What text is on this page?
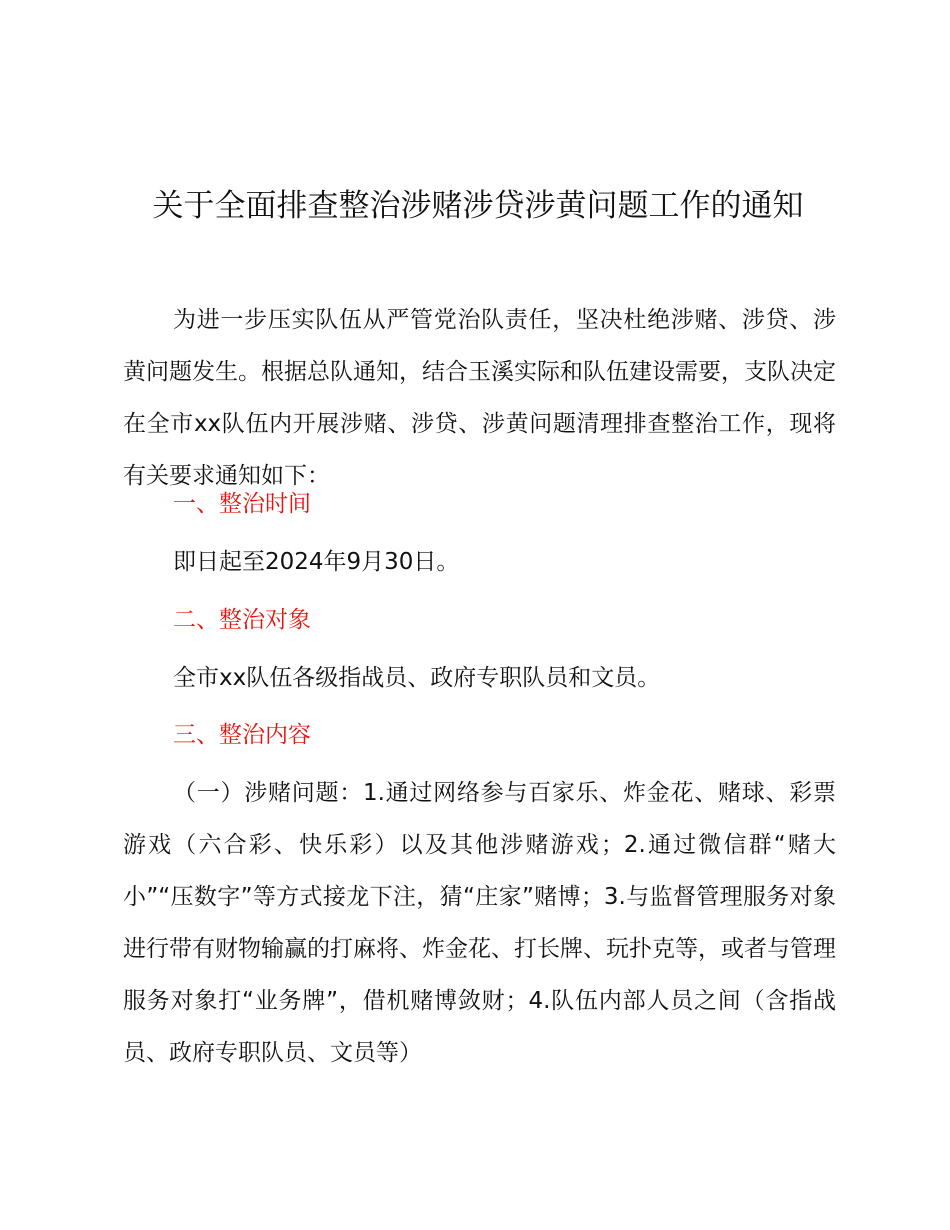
关于全面排查整治涉赌涉贷涉黄问题工作的通知

为进一步压实队伍从严管党治队责任，坚决杜绝涉赌、涉贷、涉黄问题发生。根据总队通知，结合玉溪实际和队伍建设需要，支队决定在全市xx队伍内开展涉赌、涉贷、涉黄问题清理排查整治工作，现将有关要求通知如下：

一、整治时间

即日起至2024年9月30日。

二、整治对象

全市xx队伍各级指战员、政府专职队员和文员。

三、整治内容

（一）涉赌问题：1.通过网络参与百家乐、炸金花、赌球、彩票游戏（六合彩、快乐彩）以及其他涉赌游戏；2.通过微信群“赌大小”“压数字”等方式接龙下注，猜“庄家”赌博；3.与监督管理服务对象进行带有财物输赢的打麻将、炸金花、打长牌、玩扑克等，或者与管理服务对象打“业务牌”，借机赌博敛财；4.队伍内部人员之间（含指战员、政府专职队员、文员等）
